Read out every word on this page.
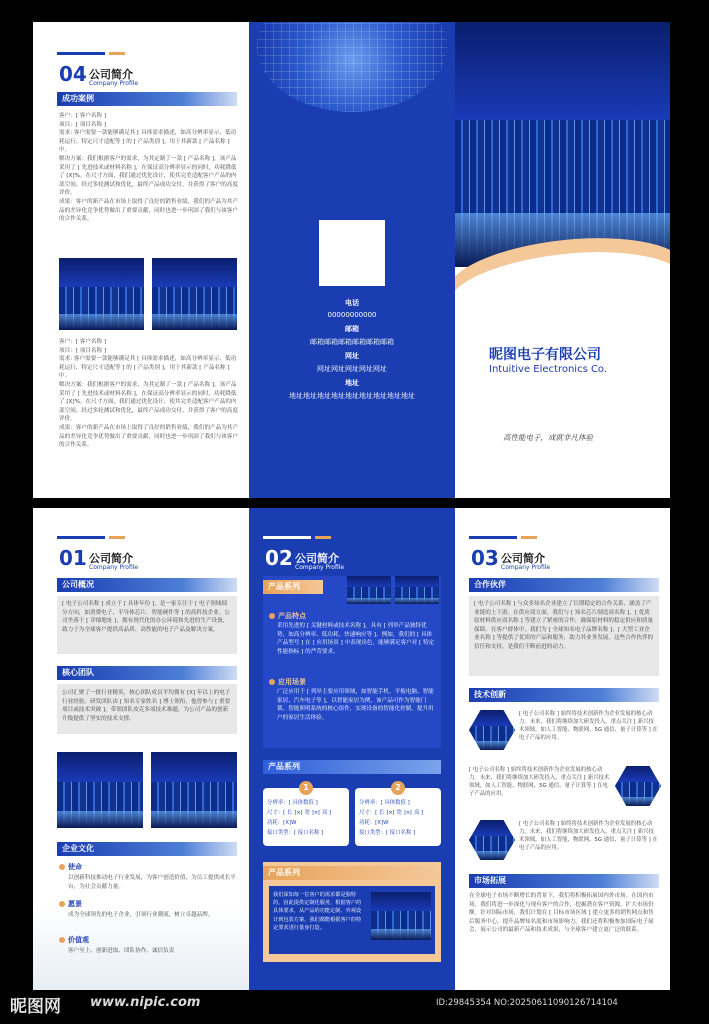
04 公司简介
Company Profile
成功案例
客户：[ 客户名称 ]
项目：[ 项目名称 ]
需求: 客户需要一款能够满足其 [ 具体需求描述，如高分辨率显示、低功耗运行、特定尺寸适配等 ] 的 [ 产品类别 ]，用于其新款 [ 产品名称 ] 中。
解决方案：我们根据客户的需求，为其定制了一款 [ 产品名称 ]。该产品采用了 [ 先进技术或材料名称 ]，在保证高分辨率显示的同时，功耗降低了 [X]%。在尺寸方面，我们通过优化设计，使其完美适配客户产品的内部空间。经过多轮测试和优化，最终产品成功交付，并获得了客户的高度评价。
成果：客户的新产品在市场上取得了良好的销售业绩，我们的产品为其产品的差异化竞争优势做出了重要贡献，同时也进一步巩固了我们与该客户的合作关系。
客户：[ 客户名称 ]
项目：[ 项目名称 ]
需求: 客户需要一款能够满足其 [ 具体需求描述，如高分辨率显示、低功耗运行、特定尺寸适配等 ] 的 [ 产品类别 ]，用于其新款 [ 产品名称 ] 中。
解决方案：我们根据客户的需求，为其定制了一款 [ 产品名称 ]。该产品采用了 [ 先进技术或材料名称 ]，在保证高分辨率显示的同时，功耗降低了 [X]%。在尺寸方面，我们通过优化设计，使其完美适配客户产品的内部空间。经过多轮测试和优化，最终产品成功交付，并获得了客户的高度评价。
成果：客户的新产品在市场上取得了良好的销售业绩，我们的产品为其产品的差异化竞争优势做出了重要贡献，同时也进一步巩固了我们与该客户的合作关系。
电话
00000000000
邮箱
邮箱邮箱邮箱邮箱邮箱邮箱
网址
网址网址网址网址网址
地址
地址地址地址地址地址地址地址地址地址
昵图电子有限公司
Intuitive Electronics Co.
高性能电子，成就非凡体验
01 公司简介
Company Profile
公司概况
[ 电子公司名称 ] 成立于 [ 具体年份 ]，是一家专注于 [ 电子领域细分方向，如消费电子、半导体芯片、智能硬件等 ] 的高科技企业。公司坐落于 [ 详细地址 ]，拥有现代化的办公环境和先进的生产设备，致力于为全球客户提供高品质、高性能的电子产品及解决方案。
核心团队
公司汇聚了一批行业精英，核心团队成员平均拥有 [X] 年以上的电子行业经验。研发团队由 [ 知名专家姓名 ] 博士领衔，他曾参与 [ 重要项目或技术突破 ]，带领团队攻克多项技术难题，为公司产品的创新升级提供了坚实的技术支撑。
企业文化
使命
以创新科技推动电子行业发展，为客户创造价值，为员工提供成长平台，为社会贡献力量。
愿景
成为全球领先的电子企业，引领行业潮流，树立卓越品牌。
价值观
客户至上、创新进取、团队协作、诚信负责
02 公司简介
Company Profile
产品系列
产品特点
采用先进的 [ 关键材料或技术名称 ]，具有 [ 列举产品独特优势，如高分辨率、低功耗、快速响应等 ]。例如，我们的 [ 具体产品型号 ] 在 [ 应用场景 ] 中表现出色，能够满足客户对 [ 特定性能指标 ] 的严苛要求。
应用场景
广泛应用于 [ 列举主要应用领域，如智能手机、平板电脑、智能家居、汽车电子等 ]，以智能家居为例，该产品可作为智能门锁、智能照明系统的核心组件，实现设备的智能化控制，提升用户的家居生活体验。
产品系列
1
分辨率：[ 具体数值 ]
尺寸：[ 长 ]×[ 宽 ]×[ 高 ]
功耗：[X]W
接口类型：[ 接口名称 ]
2
分辨率：[ 具体数值 ]
尺寸：[ 长 ]×[ 宽 ]×[ 高 ]
功耗：[X]W
接口类型：[ 接口名称 ]
产品系列
我们深知每一位客户的需求都是独特的，因此提供定制化服务，根据客户的具体要求，从产品的功能定制、外观设计到包装方案，我们都能根据客户的特定要求进行量身打造。
03 公司简介
Company Profile
合作伙伴
[ 电子公司名称 ] 与众多知名企业建立了长期稳定的合作关系，涵盖了产业链的上下游。在供应商方面，我们与 [ 知名芯片制造商名称 ]、[ 优质原材料供应商名称 ] 等建立了紧密的合作，确保原材料的稳定供应和质量保障。在客户群体中，我们为 [ 全球知名电子品牌名称 ]、[ 大型工业企业名称 ] 等提供了优质的产品和服务，助力其业务发展。这些合作伙伴的信任和支持，是我们不断前进的动力。
技术创新
[ 电子公司名称 ] 始终将技术创新作为企业发展的核心动力。未来，我们将继续加大研发投入，重点关注 [ 新兴技术领域，如人工智能、物联网、5G 通信、量子计算等 ] 在电子产品的应用。
[ 电子公司名称 ] 始终将技术创新作为企业发展的核心动力。未来，我们将继续加大研发投入，重点关注 [ 新兴技术领域，如人工智能、物联网、5G 通信、量子计算等 ] 在电子产品的应用。
[ 电子公司名称 ] 始终将技术创新作为企业发展的核心动力。未来，我们将继续加大研发投入，重点关注 [ 新兴技术领域，如人工智能、物联网、5G 通信、量子计算等 ] 在电子产品的应用。
市场拓展
在全球电子市场不断增长的背景下，我们将积极拓展国内外市场。在国内市场，我们将进一步深化与现有客户的合作，挖掘潜在客户资源，扩大市场份额。针对国际市场，我们计划在 [ 目标市场区域 ] 建立更多的销售网点和售后服务中心，提升品牌知名度和市场影响力。我们还将积极参加国际电子展会，展示公司的最新产品和技术成果，与全球客户建立更广泛的联系。
昵图网 www.nipic.com	ID:29845354 NO:20250611090126714104
